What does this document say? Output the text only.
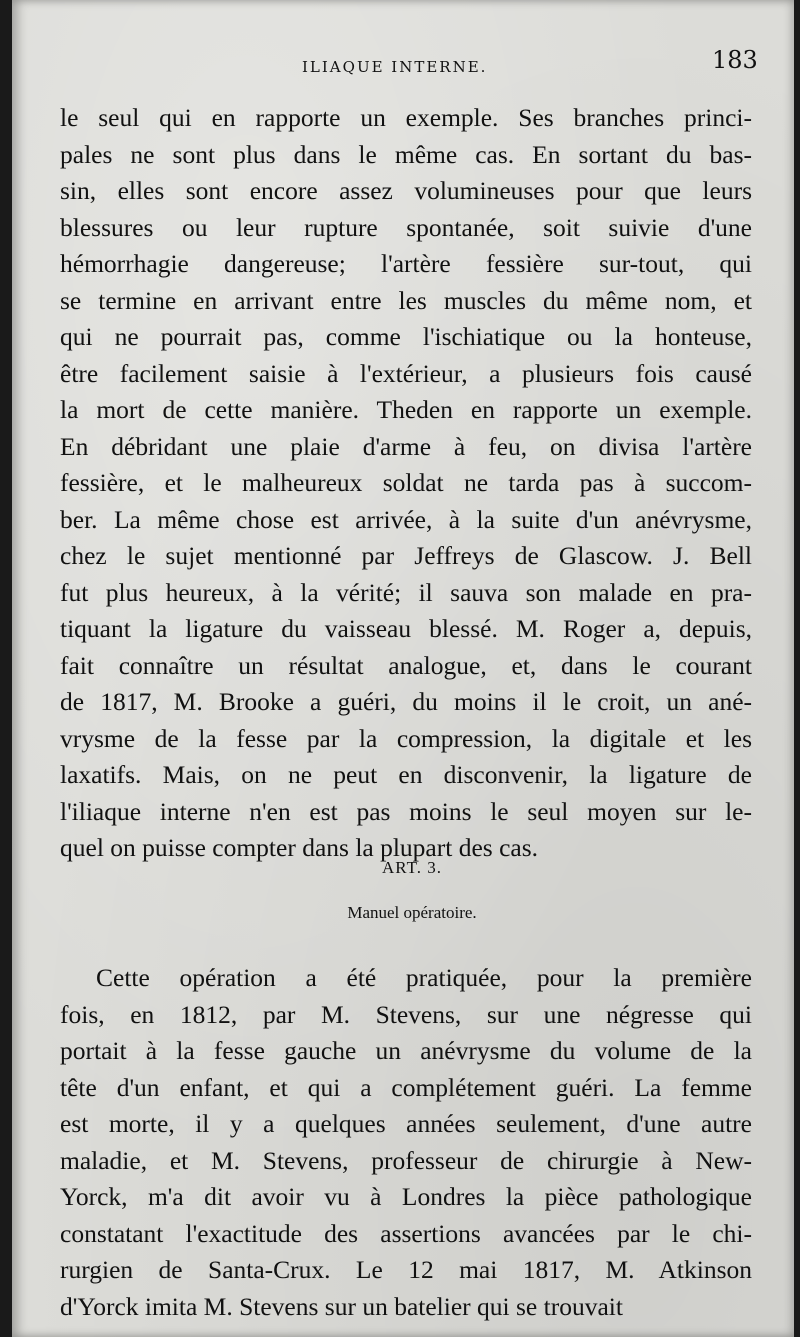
ILIAQUE INTERNE.	183
le seul qui en rapporte un exemple. Ses branches princi-
pales ne sont plus dans le même cas. En sortant du bas-
sin, elles sont encore assez volumineuses pour que leurs
blessures ou leur rupture spontanée, soit suivie d'une
hémorrhagie dangereuse; l'artère fessière sur-tout, qui
se termine en arrivant entre les muscles du même nom, et
qui ne pourrait pas, comme l'ischiatique ou la honteuse,
être facilement saisie à l'extérieur, a plusieurs fois causé
la mort de cette manière. Theden en rapporte un exemple.
En débridant une plaie d'arme à feu, on divisa l'artère
fessière, et le malheureux soldat ne tarda pas à succom-
ber. La même chose est arrivée, à la suite d'un anévrysme,
chez le sujet mentionné par Jeffreys de Glascow. J. Bell
fut plus heureux, à la vérité; il sauva son malade en pra-
tiquant la ligature du vaisseau blessé. M. Roger a, depuis,
fait connaître un résultat analogue, et, dans le courant
de 1817, M. Brooke a guéri, du moins il le croit, un ané-
vrysme de la fesse par la compression, la digitale et les
laxatifs. Mais, on ne peut en disconvenir, la ligature de
l'iliaque interne n'en est pas moins le seul moyen sur le-
quel on puisse compter dans la plupart des cas.
ART. 3.
Manuel opératoire.
Cette opération a été pratiquée, pour la première
fois, en 1812, par M. Stevens, sur une négresse qui
portait à la fesse gauche un anévrysme du volume de la
tête d'un enfant, et qui a complétement guéri. La femme
est morte, il y a quelques années seulement, d'une autre
maladie, et M. Stevens, professeur de chirurgie à New-
Yorck, m'a dit avoir vu à Londres la pièce pathologique
constatant l'exactitude des assertions avancées par le chi-
rurgien de Santa-Crux. Le 12 mai 1817, M. Atkinson
d'Yorck imita M. Stevens sur un batelier qui se trouvait
